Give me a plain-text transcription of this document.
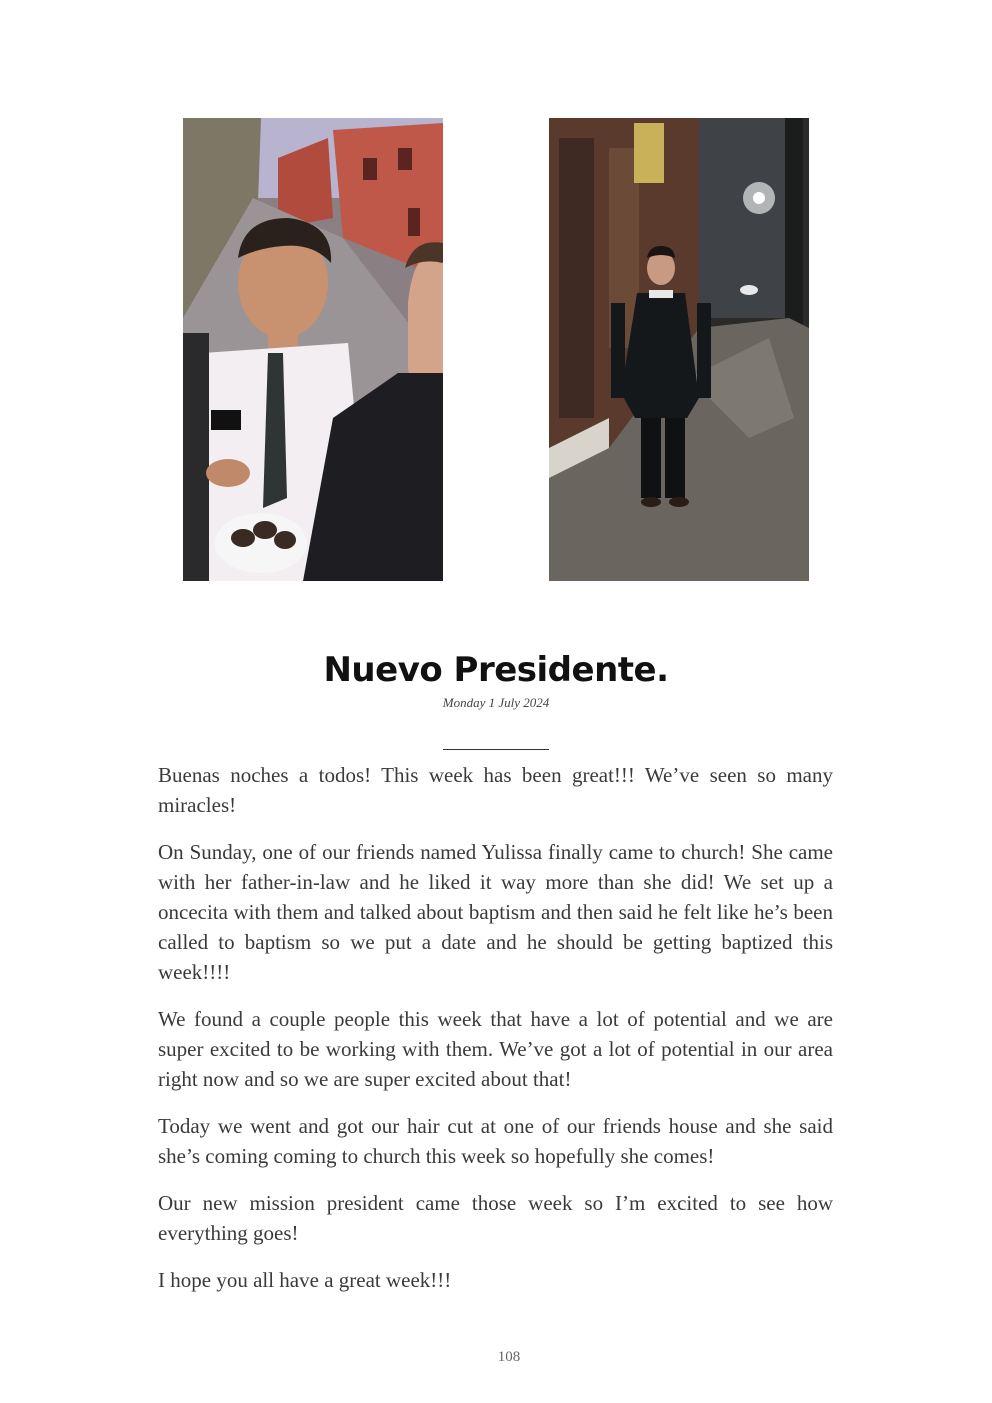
Nuevo Presidente.
Monday 1 July 2024

Buenas noches a todos! This week has been great!!! We’ve seen so many miracles!

On Sunday, one of our friends named Yulissa finally came to church! She came with her father-in-law and he liked it way more than she did! We set up a oncecita with them and talked about baptism and then said he felt like he’s been called to baptism so we put a date and he should be getting baptized this week!!!!

We found a couple people this week that have a lot of potential and we are super excited to be working with them. We’ve got a lot of potential in our area right now and so we are super excited about that!

Today we went and got our hair cut at one of our friends house and she said she’s coming coming to church this week so hopefully she comes!

Our new mission president came those week so I’m excited to see how everything goes!

I hope you all have a great week!!!

108
